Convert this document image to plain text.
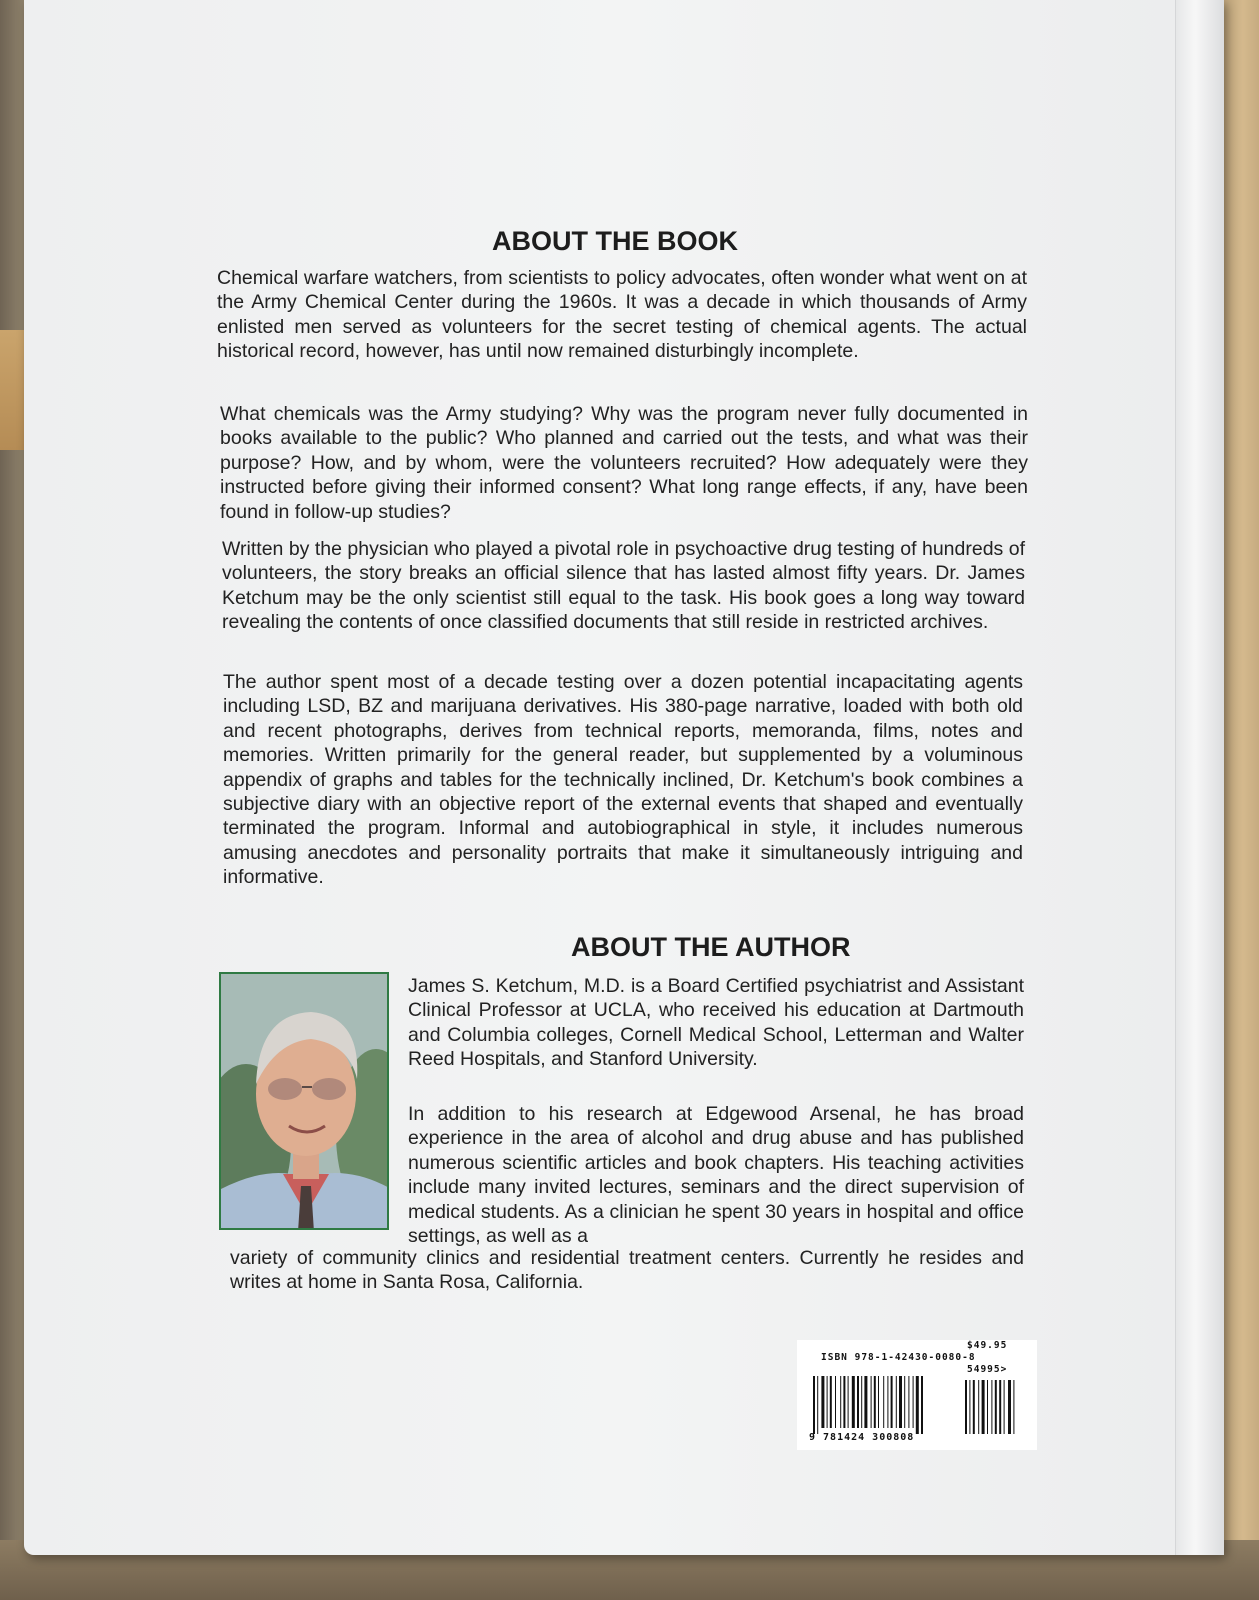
ABOUT THE BOOK

Chemical warfare watchers, from scientists to policy advocates, often wonder what went on at the Army Chemical Center during the 1960s. It was a decade in which thousands of Army enlisted men served as volunteers for the secret testing of chemical agents. The actual historical record, however, has until now remained disturbingly incomplete.

What chemicals was the Army studying? Why was the program never fully documented in books available to the public? Who planned and carried out the tests, and what was their purpose? How, and by whom, were the volunteers recruited? How adequately were they instructed before giving their informed consent? What long range effects, if any, have been found in follow-up studies?

Written by the physician who played a pivotal role in psychoactive drug testing of hundreds of volunteers, the story breaks an official silence that has lasted almost fifty years. Dr. James Ketchum may be the only scientist still equal to the task. His book goes a long way toward revealing the contents of once classified documents that still reside in restricted archives.

The author spent most of a decade testing over a dozen potential incapacitating agents including LSD, BZ and marijuana derivatives. His 380-page narrative, loaded with both old and recent photographs, derives from technical reports, memoranda, films, notes and memories. Written primarily for the general reader, but supplemented by a voluminous appendix of graphs and tables for the technically inclined, Dr. Ketchum's book combines a subjective diary with an objective report of the external events that shaped and eventually terminated the program. Informal and autobiographical in style, it includes numerous amusing anecdotes and personality portraits that make it simultaneously intriguing and informative.

ABOUT THE AUTHOR

James S. Ketchum, M.D. is a Board Certified psychiatrist and Assistant Clinical Professor at UCLA, who received his education at Dartmouth and Columbia colleges, Cornell Medical School, Letterman and Walter Reed Hospitals, and Stanford University.

In addition to his research at Edgewood Arsenal, he has broad experience in the area of alcohol and drug abuse and has published numerous scientific articles and book chapters. His teaching activities include many invited lectures, seminars and the direct supervision of medical students. As a clinician he spent 30 years in hospital and office settings, as well as a

variety of community clinics and residential treatment centers. Currently he resides and writes at home in Santa Rosa, California.

$49.95
ISBN 978-1-42430-0080-8
54995>
9 781424 300808
